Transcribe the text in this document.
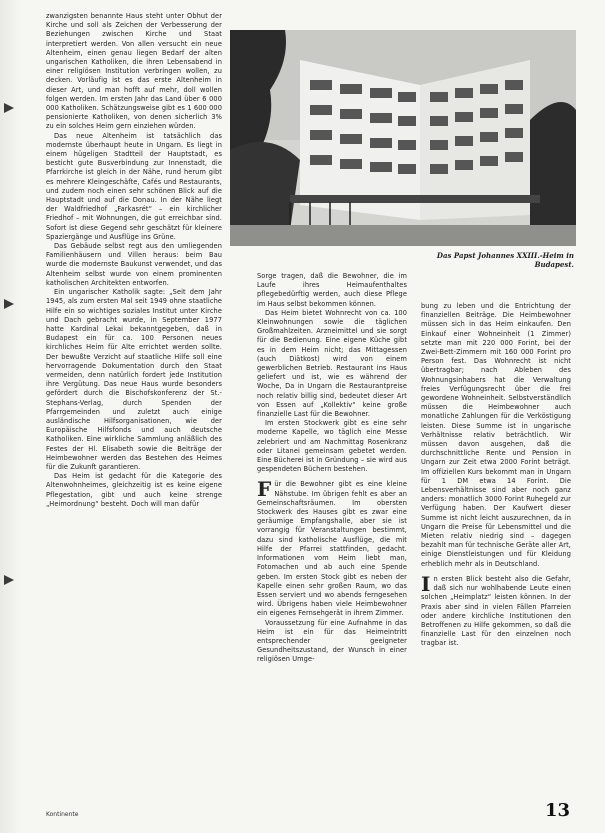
zwanzigsten benannte Haus steht unter Obhut der Kirche und soll als Zeichen der Verbesserung der Beziehungen zwischen Kirche und Staat interpretiert werden. Von allen versucht ein neue Altenheim, einen genau liegen Bedarf der alten ungarischen Katholiken, die ihren Lebensabend in einer religiösen Institution verbringen wollen, zu decken. Vorläufig ist es das erste Altenheim in dieser Art, und man hofft auf mehr, doll wollen folgen werden. Im ersten Jahr das Land über 6 000 000 Katholiken. Schätzungsweise gibt es 1 600 000 pensionierte Katholiken, von denen sicherlich 3% zu ein solches Heim gern einziehen würden.

Das neue Altenheim ist tatsächlich das modernste überhaupt heute in Ungarn. Es liegt in einem hügeligen Stadtteil der Hauptstadt, es besticht gute Busverbindung zur Innenstadt, die Pfarrkirche ist gleich in der Nähe, rund herum gibt es mehrere Kleingeschäfte, Cafés und Restaurants, und zudem noch einen sehr schönen Blick auf die Hauptstadt und auf die Donau. In der Nähe liegt der Waldfriedhof „Farkasrét“ – ein kirchlicher Friedhof – mit Wohnungen, die gut erreichbar sind. Sofort ist diese Gegend sehr geschätzt für kleinere Spaziergänge und Ausflüge ins Grüne.

Das Gebäude selbst regt aus den umliegenden Familienhäusern und Villen heraus: beim Bau wurde die modernste Baukunst verwendet, und das Altenheim selbst wurde von einem prominenten katholischen Architekten entworfen.

Ein ungarischer Katholik sagte: „Seit dem Jahr 1945, als zum ersten Mal seit 1949 ohne staatliche Hilfe ein so wichtiges soziales Institut unter Kirche und Dach gebracht wurde, in September 1977 hatte Kardinal Lekai bekanntgegeben, daß in Budapest ein für ca. 100 Personen neues kirchliches Heim für Alte errichtet werden sollte. Der bewußte Verzicht auf staatliche Hilfe soll eine hervorragende Dokumentation durch den Staat vermeiden, denn natürlich fordert jede Institution ihre Vergütung. Das neue Haus wurde besonders gefördert durch die Bischofskonferenz der St.-Stephans-Verlag, durch Spenden der Pfarrgemeinden und zuletzt auch einige ausländische Hilfsorganisationen, wie der Europäische Hilfsfonds und auch deutsche Katholiken. Eine wirkliche Sammlung anläßlich des Festes der Hl. Elisabeth sowie die Beiträge der Heimbewohner werden das Bestehen des Heimes für die Zukunft garantieren.

Das Heim ist gedacht für die Kategorie des Altenwohnheimes, gleichzeitig ist es keine eigene Pflegestation, gibt und auch keine strenge „Heimordnung“ besteht. Doch will man dafür

Das Papst Johannes XXIII.-Heim in
Budapest.

Sorge tragen, daß die Bewohner, die im Laufe ihres Heimaufenthaltes pflegebedürftig werden, auch diese Pflege im Haus selbst bekommen können.

Das Heim bietet Wohnrecht von ca. 100 Kleinwohnungen sowie die täglichen Großmahlzeiten. Arzneimittel und sie sorgt für die Bedienung. Eine eigene Küche gibt es in dem Heim nicht; das Mittagessen (auch Diätkost) wird von einem gewerblichen Betrieb. Restaurant ins Haus geliefert und ist, wie es während der Woche, Da in Ungarn die Restaurantpreise noch relativ billig sind, bedeutet dieser Art von Essen auf „Kollektiv“ keine große finanzielle Last für die Bewohner.

Im ersten Stockwerk gibt es eine sehr moderne Kapelle, wo täglich eine Messe zelebriert und am Nachmittag Rosenkranz oder Litanei gemeinsam gebetet werden. Eine Bücherei ist in Gründung – sie wird aus gespendeten Büchern bestehen.

Für die Bewohner gibt es eine kleine Nähstube. Im übrigen fehlt es aber an Gemeinschaftsräumen. Im obersten Stockwerk des Hauses gibt es zwar eine geräumige Empfangshalle, aber sie ist vorrangig für Veranstaltungen bestimmt, dazu sind katholische Ausflüge, die mit Hilfe der Pfarrei stattfinden, gedacht. Informationen vom Heim liebt man, Fotomachen und ab auch eine Spende geben. Im ersten Stock gibt es neben der Kapelle einen sehr großen Raum, wo das Essen serviert und wo abends ferngesehen wird. Übrigens haben viele Heimbewohner ein eigenes Fernsehgerät in ihrem Zimmer.

Voraussetzung für eine Aufnahme in das Heim ist ein für das Heimeintritt entsprechender geeigneter Gesundheitszustand, der Wunsch in einer religiösen Umge-

bung zu leben und die Entrichtung der finanziellen Beiträge. Die Heimbewohner müssen sich in das Heim einkaufen. Den Einkauf einer Wohneinheit (1 Zimmer) setzte man mit 220 000 Forint, bei der Zwei-Bett-Zimmern mit 160 000 Forint pro Person fest. Das Wohnrecht ist nicht übertragbar; nach Ableben des Wohnungsinhabers hat die Verwaltung freies Verfügungsrecht über die frei gewordene Wohneinheit. Selbstverständlich müssen die Heimbewohner auch monatliche Zahlungen für die Verköstigung leisten. Diese Summe ist in ungarische Verhältnisse relativ beträchtlich. Wir müssen davon ausgehen, daß die durchschnittliche Rente und Pension in Ungarn zur Zeit etwa 2000 Forint beträgt. Im offiziellen Kurs bekommt man in Ungarn für 1 DM etwa 14 Forint. Die Lebensverhältnisse sind aber noch ganz anders: monatlich 3000 Forint Ruhegeld zur Verfügung haben. Der Kaufwert dieser Summe ist nicht leicht auszurechnen, da in Ungarn die Preise für Lebensmittel und die Mieten relativ niedrig sind – dagegen bezahlt man für technische Geräte aller Art, einige Dienstleistungen und für Kleidung erheblich mehr als in Deutschland.

In ersten Blick besteht also die Gefahr, daß sich nur wohlhabende Leute einen solchen „Heimplatz“ leisten können. In der Praxis aber sind in vielen Fällen Pfarreien oder andere kirchliche Institutionen den Betroffenen zu Hilfe gekommen, so daß die finanzielle Last für den einzelnen noch tragbar ist.

Kontinente	13
